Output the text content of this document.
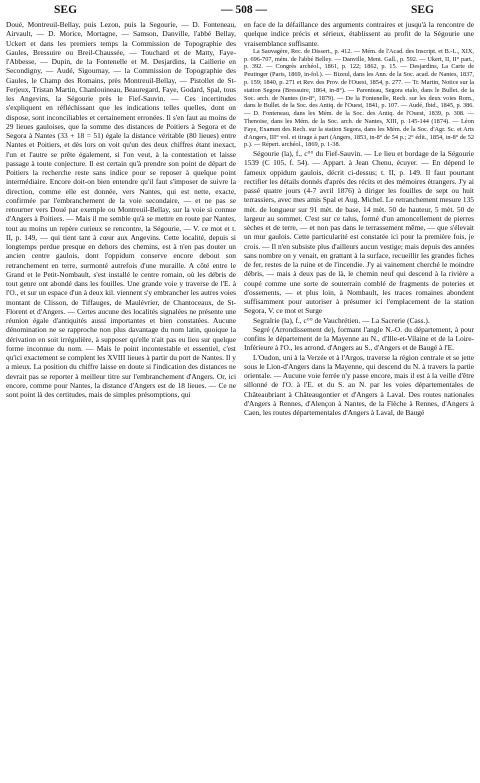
SEG	— 508 —	SEG

Doué, Montreuil-Bellay, puis Lezon, puis la Segourie, — D. Fonteneau, Airvault, — D. Morice, Mortagne, — Samson, Danville, l'abbé Bellay, Uckert et dans les premiers temps la Commission de Topographie des Gaules, Bressuire ou Breil-Chaussée, — Touchard et de Matty, Faye-l'Abbesse, — Dupin, de la Fontenelle et M. Desjardins, la Caillerie en Secondigny, — Audé, Sigournay, — la Commission de Topographie des Gaules, le Champ des Romains, près Montreuil-Bellay, — Pistollet de St-Ferjeux, Tristan Martin, Chanlouineau, Beauregard, Faye, Godard, Spal, tous les Angevins, la Ségourie près le Fief-Sauvin. — Ces incertitudes s'expliquent en réfléchissant que les indications telles quelles, dont on dispose, sont inconciliables et certainement erronées. Il s'en faut au moins de 29 lieues gauloises, que la somme des distances de Poitiers à Segora et de Segora à Nantes (33 + 18 = 51) égale la distance véritable (80 lieues) entre Nantes et Poitiers, et dès lors on voit qu'un des deux chiffres étant inexact, l'un et l'autre se prête également, si l'on veut, à la contestation et laisse passage à toute conjecture. Il est certain qu'à prendre son point de départ de Poitiers la recherche reste sans indice pour se reposer à quelque point intermédiaire. Encore doit-on bien entendre qu'il faut s'imposer de suivre la direction, comme elle est donnée, vers Nantes, qui est nette, exacte, confirmée par l'embranchement de la voie secondaire, — et ne pas se retourner vers Doué par exemple ou Montreuil-Bellay, sur la voie si connue d'Angers à Poitiers. — Mais il me semble qu'à se mettre en route par Nantes, tout au moins un repère curieux se rencontre, la Ségourie, — V. ce mot et t. II, p. 149, — qui tient tant à cœur aux Angevins. Cette localité, depuis si longtemps perdue presque en dehors des chemins, est à n'en pas douter un ancien centre gaulois, dont l'oppidum conserve encore debout son retranchement en terre, surmonté autrefois d'une muraille. A côté entre le Grand et le Petit-Nombault, s'est installé le centre romain, où les débris de tout genre ont abondé dans les fouilles. Une grande voie y traverse de l'E. à l'O., et sur un espace d'un à deux kil. viennent s'y embrancher les autres voies montant de Clisson, de Tiffauges, de Maulévrier, de Chantoceaux, de St-Florent et d'Angers. — Certes aucune des localités signalées ne présente une réunion égale d'antiquités aussi importantes et bien constatées. Aucune dénomination ne se rapproche non plus davantage du nom latin, quoique la dérivation en soit irrégulière, à supposer qu'elle n'ait pas eu lieu sur quelque forme inconnue du nom. — Mais le point incontestable et essentiel, c'est qu'ici exactement se complent les XVIII lieues à partir du port de Nantes. Il y a mieux. La position du chiffre laisse en doute si l'indication des distances ne devrait pas se reporter à meilleur titre sur l'embranchement d'Angers. Or, ici encore, comme pour Nantes, la distance d'Angers est de 18 lieues. — Ce ne sont point là des certitudes, mais de simples présomptions, qui

en face de la défaillance des arguments contraires et jusqu'à la rencontre de quelque indice précis et sérieux, établissent au profit de la Ségourie une vraisemblance suffisante.

La Sauvagère, Rec. de Dissert., p. 412. — Mém. de l'Acad. des Inscript. et B.-L., XIX, p. 696-707, mém. de l'abbé Belley. — Danville, Ment. Gall., p. 592. — Ukert, II, II° part., p. 392. — Congrès archéol., 1861, p. 122; 1862, p. 15. — Desjardins, La Carte de Peutinger (Paris, 1869, in-fol.). — Bizeul, dans les Ann. de la Soc. acad. de Nantes, 1837, p. 159; 1840, p. 271 et Rev. des Prov. de l'Ouest, 1854, p. 277. — Tr. Martin, Notice sur la station Segora (Bressuire, 1864, in-8°). — Parenteau, Segora etalo, dans le Bullet. de la Soc. arch. de Nantes (in-8°, 1879). — De la Fontenelle, Rech. sur les deux voies Rom., dans le Bullet. de la Soc. des Antiq. de l'Ouest, 1841, p. 107. — Audé, Ibid., 1845, p. 386. — D. Fonteneau, dans les Mém. de la Soc. des Antiq. de l'Ouest, 1839, p. 308. — Thenoise, dans les Mém. de la Soc. arch. de Nantes, XIII, p. 145-144 (1874). — Léon Faye, Examen des Rech. sur la station Segora, dans les Mém. de la Soc. d'Agr. Sc. et Arts d'Angers, III° vol. et tirage à part (Angers, 1853, in-8° de 54 p.; 2° édit., 1854, in-8° de 52 p.). — Répert. archéol., 1869, p. 1-38.

Ségourie (la), f., c°° du Fief-Sauvin. — Le lieu et bordage de la Ségourie 1539 (C 105, f. 54). — Appart. à Jean Chenu, écuyer. — En dépend le fameux oppidum gaulois, décrit ci-dessus; t. II, p. 149. Il faut pourtant rectifier les détails donnés d'après des récits et des mémoires étrangers. J'y ai passé quatre jours (4-7 avril 1876) à diriger les fouilles de sept ou huit terrassiers, avec mes amis Spal et Aug. Michel. Le retranchement mesure 135 mèt. de longueur sur 91 mèt. de base, 14 mèt. 50 de hauteur, 5 mèt. 50 de largeur au sommet. C'est sur ce talus, formé d'un amoncellement de pierres sèches et de terre, — et non pas dans le terrassement même, — que s'élevait un mur gaulois. Cette particularité est constatée ici pour la première fois, je crois. — Il n'en subsiste plus d'ailleurs aucun vestige; mais depuis des années sans nombre on y venait, en grattant à la surface, recueillir les grandes fiches de fer, restes de la ruine et de l'incendie. J'y ai vainement cherché le moindre débris, — mais à deux pas de là, le chemin neuf qui descend à la rivière a coupé comme une sorte de souterrain comblé de fragments de poteries et d'ossements, — et plus loin, à Nombault, les traces romaines abondent suffisamment pour autoriser à présumer ici l'emplacement de la station Segora, V. ce mot et Surge

Segralrie (la), f., c°° de Vauchrétien. — La Sacrerie (Cass.).

Segré (Arrondissement de), formant l'angle N.-O. du département, à pour confins le département de la Mayenne au N., d'Ille-et-Vilaine et de la Loire-Inférieure à l'O., les arrond. d'Angers au S., d'Angers et de Baugé à l'E.

L'Oudon, uni à la Verzée et à l'Argos, traverse la région centrale et se jette sous le Lion-d'Angers dans la Mayenne, qui descend du N. à travers la partie orientale. — Aucune voie ferrée n'y passe encore, mais il est à la veille d'être sillonné de l'O. à l'E. et du S. au N. par les voies départementales de Châteaubriant à Châteaugontier et d'Angers à Laval. Des routes nationales d'Angers à Rennes, d'Alençon à Nantes, de la Flèche à Rennes, d'Angers à Caen, les routes départementales d'Angers à Laval, de Baugé
